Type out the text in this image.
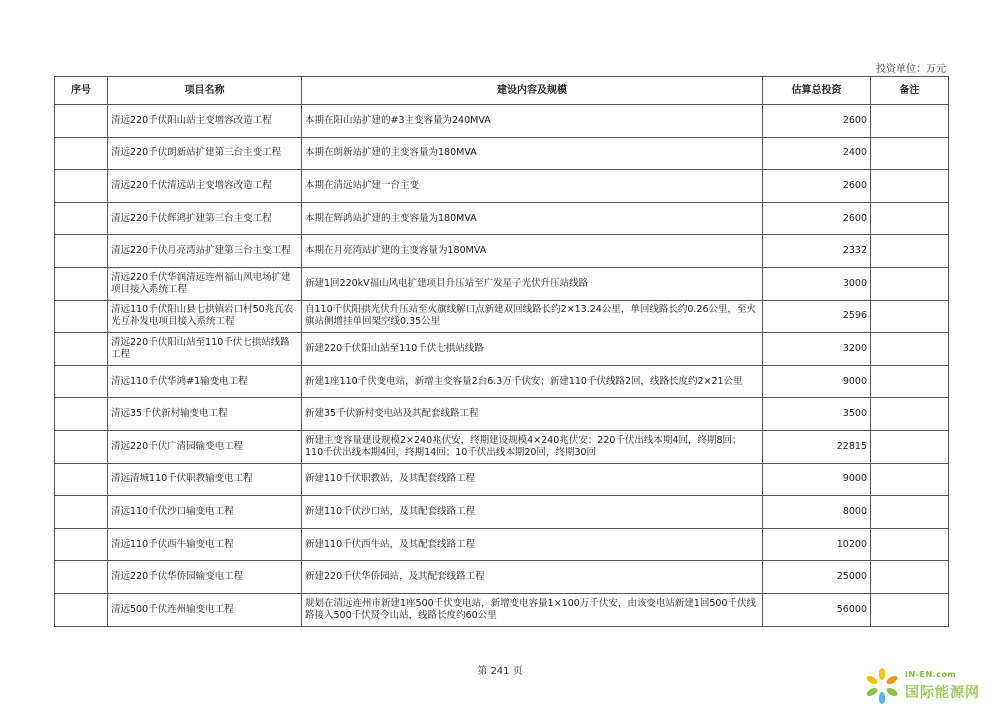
投资单位：万元
序号	项目名称	建设内容及规模	估算总投资	备注
	清远220千伏阳山站主变增容改造工程	本期在阳山站扩建的#3主变容量为240MVA	2600	
	清远220千伏朗新站扩建第三台主变工程	本期在朗新站扩建的主变容量为180MVA	2400	
	清远220千伏清远站主变增容改造工程	本期在清远站扩建一台主变	2600	
	清远220千伏辉鸿扩建第三台主变工程	本期在辉鸿站扩建的主变容量为180MVA	2600	
	清远220千伏月亮湾站扩建第三台主变工程	本期在月亮湾站扩建的主变容量为180MVA	2332	
	清远220千伏华润清远连州福山风电场扩建项目接入系统工程	新建1回220kV福山风电扩建项目升压站至广发星子光伏升压站线路	3000	
	清远110千伏阳山县七拱镇岩口村50兆瓦农光互补发电项目接入系统工程	自110千伏阳拱光伏升压站至火旗线解口点新建双回线路长约2×13.24公里，单回线路长约0.26公里，至火旗站侧增挂单回架空线0.35公里	2596	
	清远220千伏阳山站至110千伏七拱站线路工程	新建220千伏阳山站至110千伏七拱站线路	3200	
	清远110千伏华鸿#1输变电工程	新建1座110千伏变电站，新增主变容量2台6.3万千伏安；新建110千伏线路2回，线路长度约2×21公里	9000	
	清远35千伏新村输变电工程	新建35千伏新村变电站及其配套线路工程	3500	
	清远220千伏广清园输变电工程	新建主变容量建设规模2×240兆伏安，终期建设规模4×240兆伏安；220千伏出线本期4回，终期8回；110千伏出线本期4回，终期14回；10千伏出线本期20回，终期30回	22815	
	清远清城110千伏职教输变电工程	新建110千伏职教站，及其配套线路工程	9000	
	清远110千伏沙口输变电工程	新建110千伏沙口站，及其配套线路工程	8000	
	清远110千伏西牛输变电工程	新建110千伏西牛站，及其配套线路工程	10200	
	清远220千伏华侨园输变电工程	新建220千伏华侨园站，及其配套线路工程	25000	
	清远500千伏连州输变电工程	规划在清远连州市新建1座500千伏变电站，新增变电容量1×100万千伏安，由该变电站新建1回500千伏线路接入500千伏贤令山站，线路长度约60公里	56000	
第 241 页	IN-EN.com
国际能源网
